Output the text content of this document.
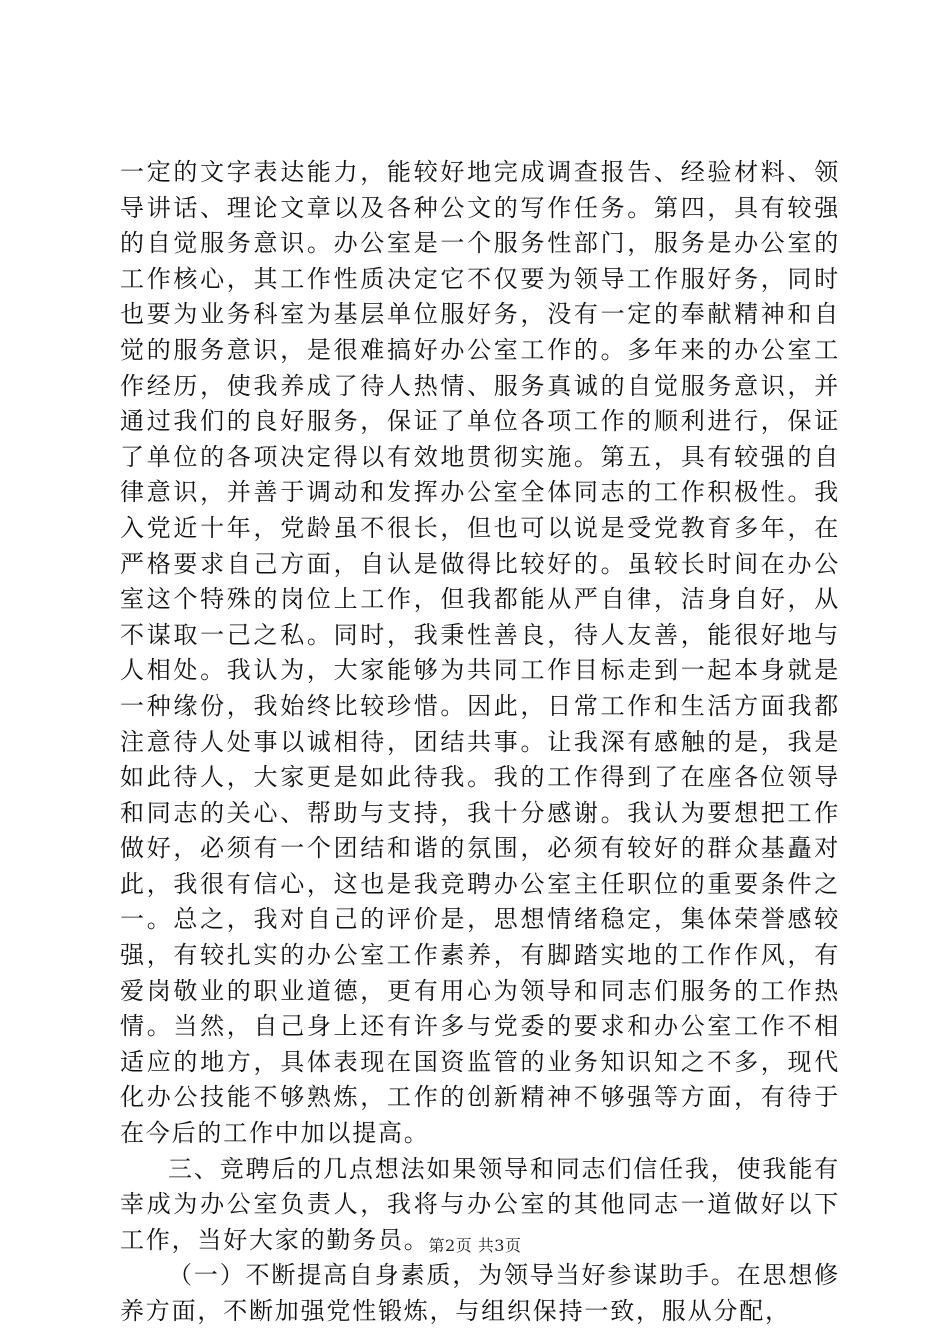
一定的文字表达能力，能较好地完成调查报告、经验材料、领导讲话、理论文章以及各种公文的写作任务。第四，具有较强的自觉服务意识。办公室是一个服务性部门，服务是办公室的工作核心，其工作性质决定它不仅要为领导工作服好务，同时也要为业务科室为基层单位服好务，没有一定的奉献精神和自觉的服务意识，是很难搞好办公室工作的。多年来的办公室工作经历，使我养成了待人热情、服务真诚的自觉服务意识，并通过我们的良好服务，保证了单位各项工作的顺利进行，保证了单位的各项决定得以有效地贯彻实施。第五，具有较强的自律意识，并善于调动和发挥办公室全体同志的工作积极性。我入党近十年，党龄虽不很长，但也可以说是受党教育多年，在严格要求自己方面，自认是做得比较好的。虽较长时间在办公室这个特殊的岗位上工作，但我都能从严自律，洁身自好，从不谋取一己之私。同时，我秉性善良，待人友善，能很好地与人相处。我认为，大家能够为共同工作目标走到一起本身就是一种缘份，我始终比较珍惜。因此，日常工作和生活方面我都注意待人处事以诚相待，团结共事。让我深有感触的是，我是如此待人，大家更是如此待我。我的工作得到了在座各位领导和同志的关心、帮助与支持，我十分感谢。我认为要想把工作做好，必须有一个团结和谐的氛围，必须有较好的群众基矗对此，我很有信心，这也是我竞聘办公室主任职位的重要条件之一。总之，我对自己的评价是，思想情绪稳定，集体荣誉感较强，有较扎实的办公室工作素养，有脚踏实地的工作作风，有爱岗敬业的职业道德，更有用心为领导和同志们服务的工作热情。当然，自己身上还有许多与党委的要求和办公室工作不相适应的地方，具体表现在国资监管的业务知识知之不多，现代化办公技能不够熟炼，工作的创新精神不够强等方面，有待于在今后的工作中加以提高。

三、竞聘后的几点想法如果领导和同志们信任我，使我能有幸成为办公室负责人，我将与办公室的其他同志一道做好以下工作，当好大家的勤务员。

（一）不断提高自身素质，为领导当好参谋助手。在思想修养方面，不断加强党性锻炼，与组织保持一致，服从分配，

第2页 共3页
